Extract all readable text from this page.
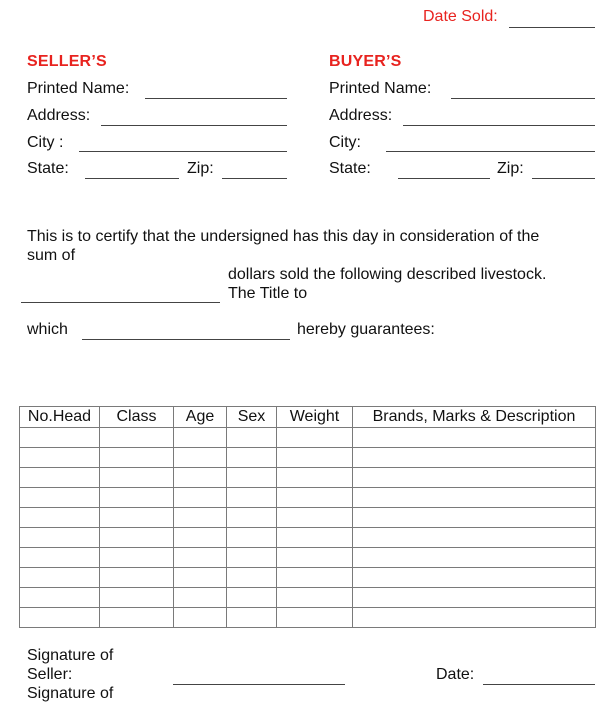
Date Sold:
SELLER’S
Printed Name:
Address:
City :
State:	Zip:
BUYER’S
Printed Name:
Address:
City:
State:	Zip:
This is to certify that the undersigned has this day in consideration of the
sum of
dollars sold the following described livestock.
The Title to
which	hereby guarantees:
No.Head	Class	Age	Sex	Weight	Brands, Marks & Description

Signature of
Seller:	Date:
Signature of
